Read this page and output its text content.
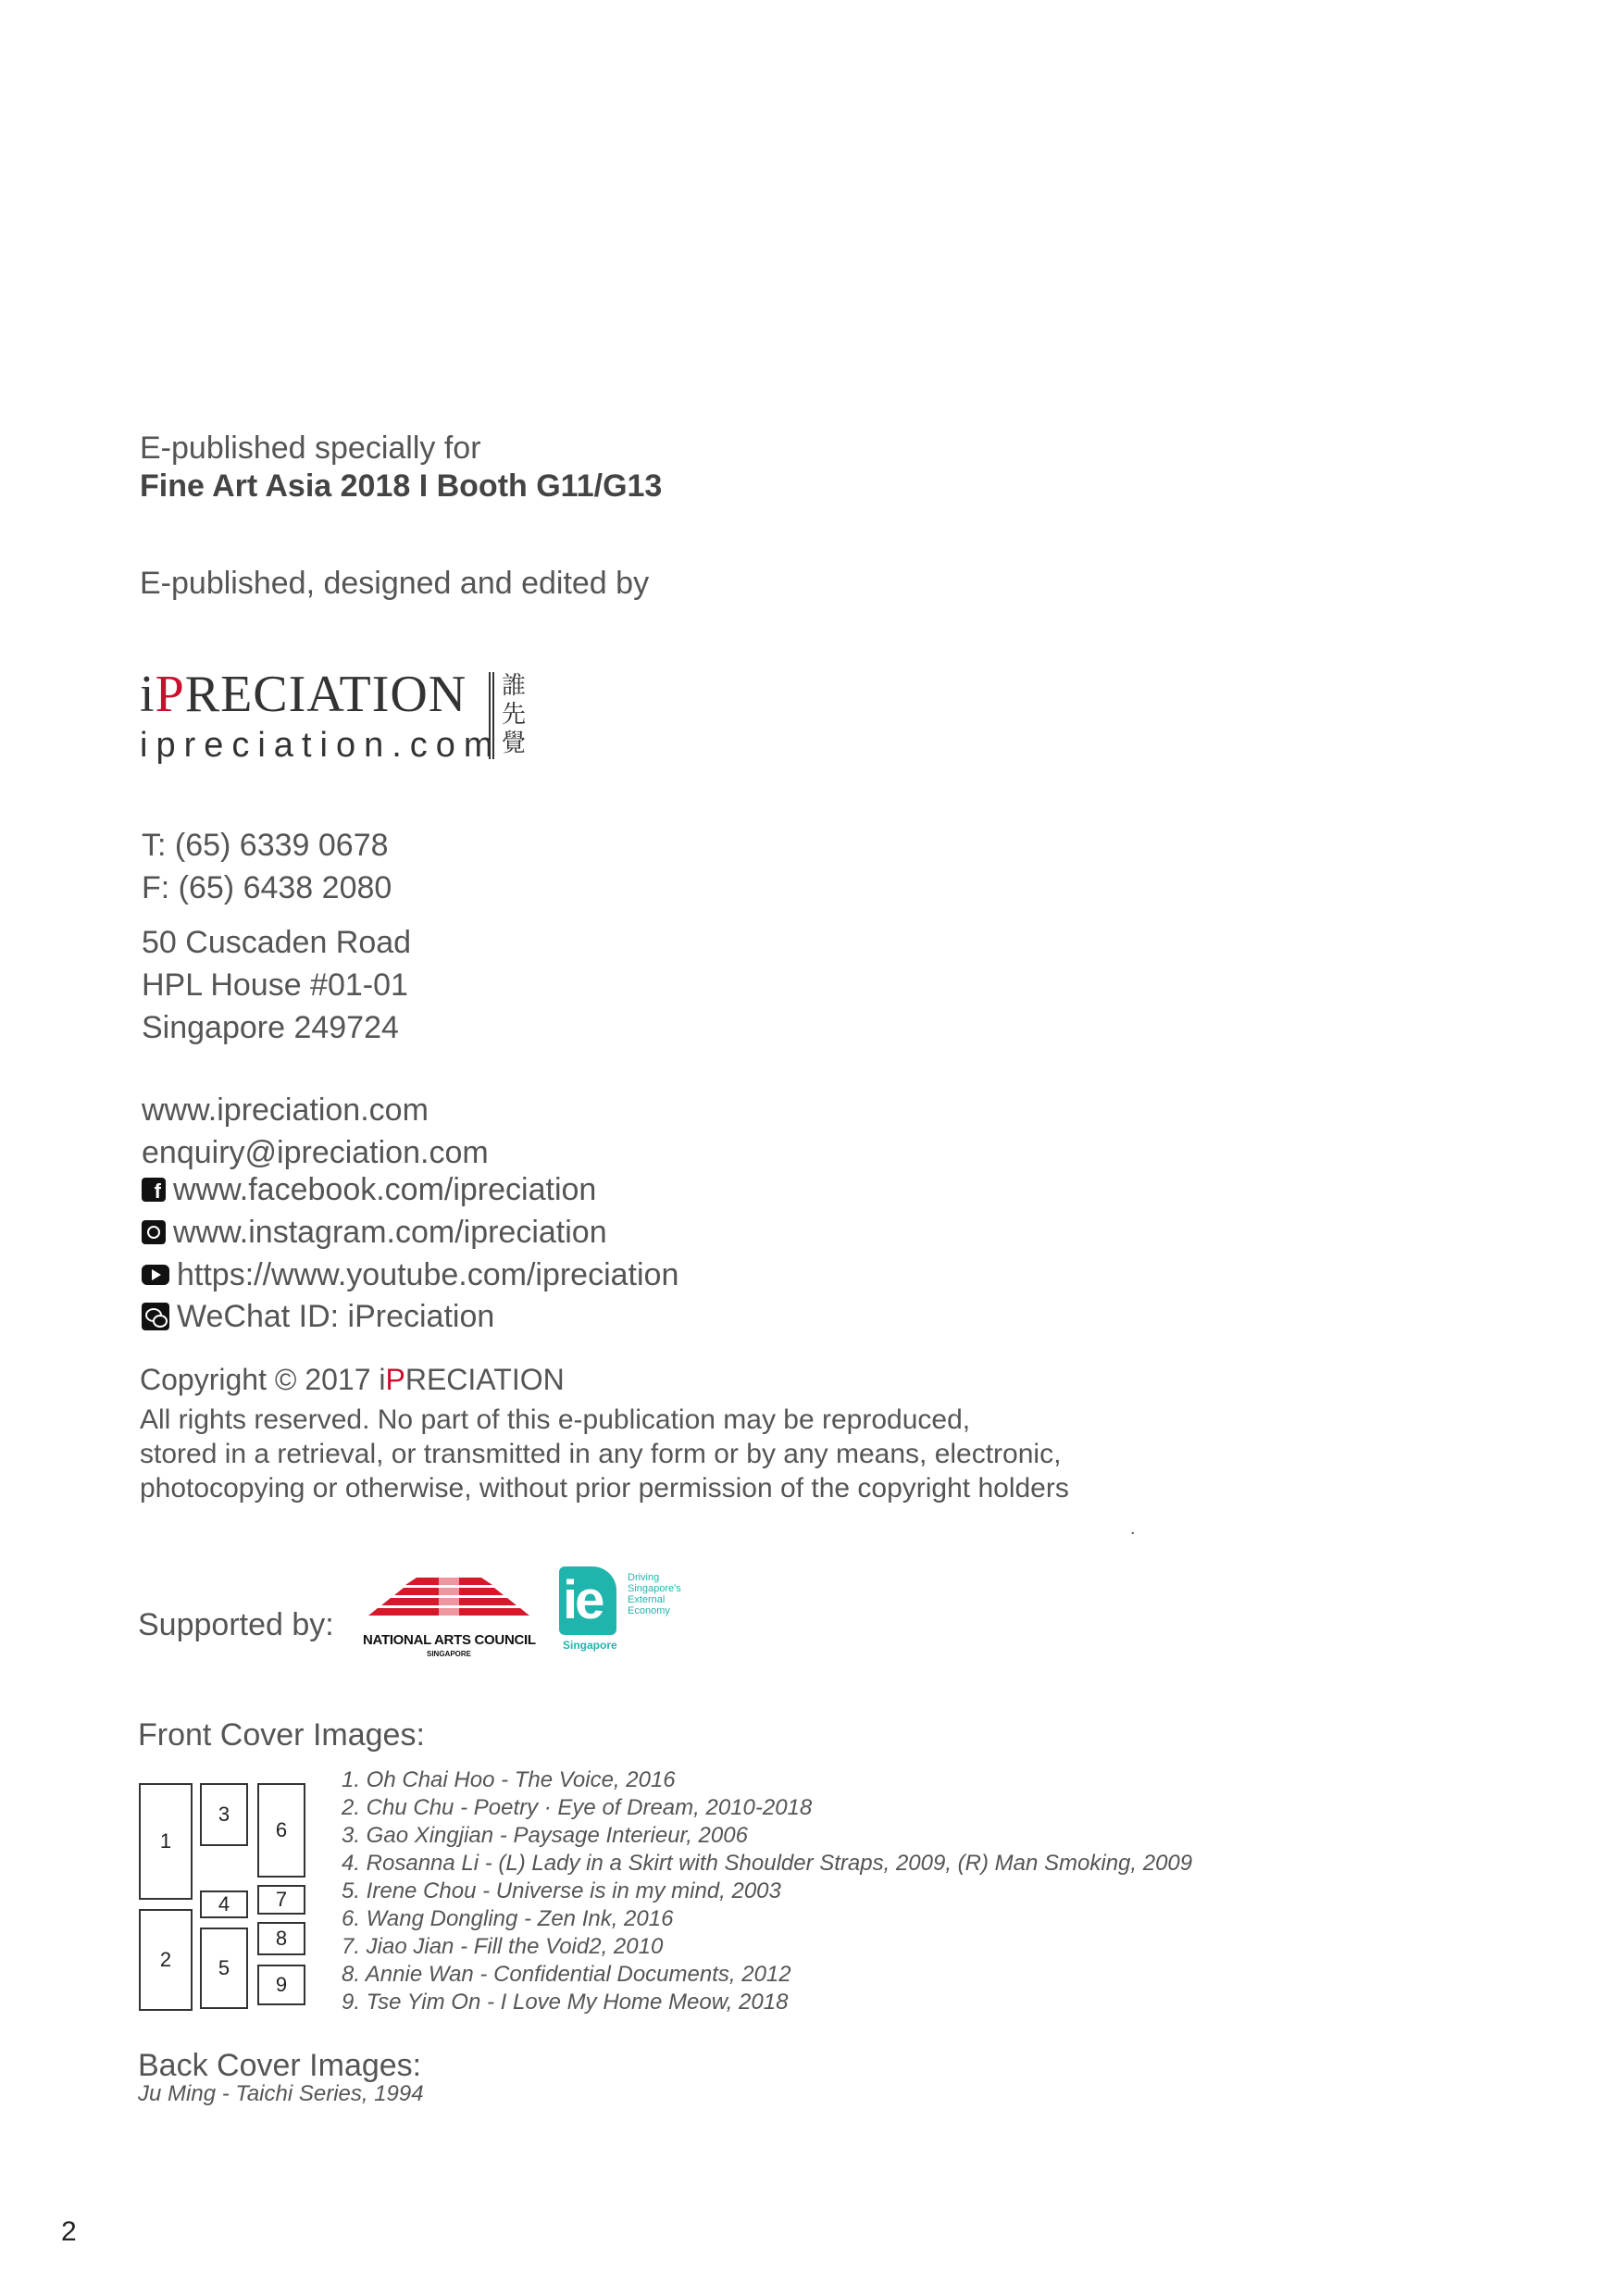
E-published specially for
Fine Art Asia 2018 I Booth G11/G13
E-published, designed and edited by
iPRECIATION
ipreciation.com
誰
先
覺
T: (65) 6339 0678
F: (65) 6438 2080
50 Cuscaden Road
HPL House #01-01
Singapore 249724
www.ipreciation.com
enquiry@ipreciation.com
f www.facebook.com/ipreciation
www.instagram.com/ipreciation
https://www.youtube.com/ipreciation
WeChat ID: iPreciation
Copyright © 2017 iPRECIATION
All rights reserved. No part of this e-publication may be reproduced,
stored in a retrieval, or transmitted in any form or by any means, electronic,
photocopying or otherwise, without prior permission of the copyright holders
.
Supported by: NATIONAL ARTS COUNCIL
SINGAPORE
ie
Singapore
Driving
Singapore's
External
Economy
Front Cover Images:
1
2
3
4
5
6
7
8
9
1. Oh Chai Hoo - The Voice, 2016
2. Chu Chu - Poetry · Eye of Dream, 2010-2018
3. Gao Xingjian - Paysage Interieur, 2006
4. Rosanna Li - (L) Lady in a Skirt with Shoulder Straps, 2009, (R) Man Smoking, 2009
5. Irene Chou - Universe is in my mind, 2003
6. Wang Dongling - Zen Ink, 2016
7. Jiao Jian - Fill the Void2, 2010
8. Annie Wan - Confidential Documents, 2012
9. Tse Yim On - I Love My Home Meow, 2018
Back Cover Images:
Ju Ming - Taichi Series, 1994
2
